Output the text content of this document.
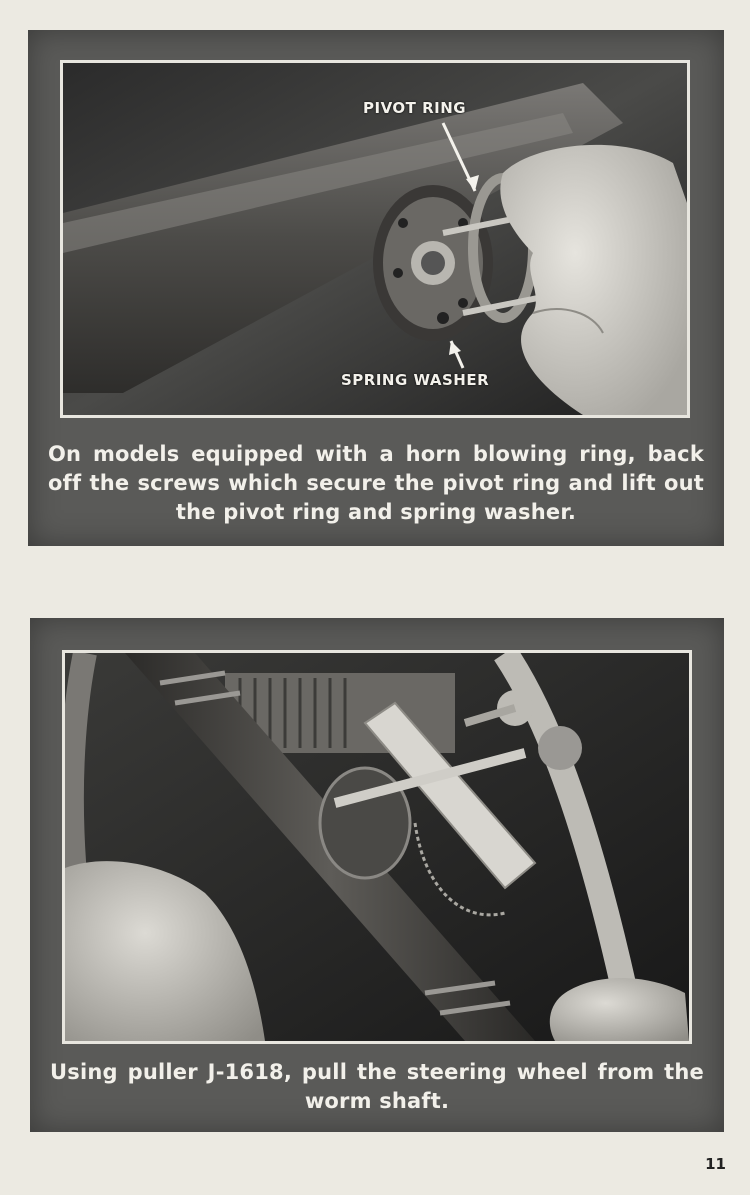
PIVOT RING
SPRING WASHER
On models equipped with a horn blowing ring, back off the screws which secure the pivot ring and lift out the pivot ring and spring washer.
Using puller J-1618, pull the steering wheel from the worm shaft.
11
